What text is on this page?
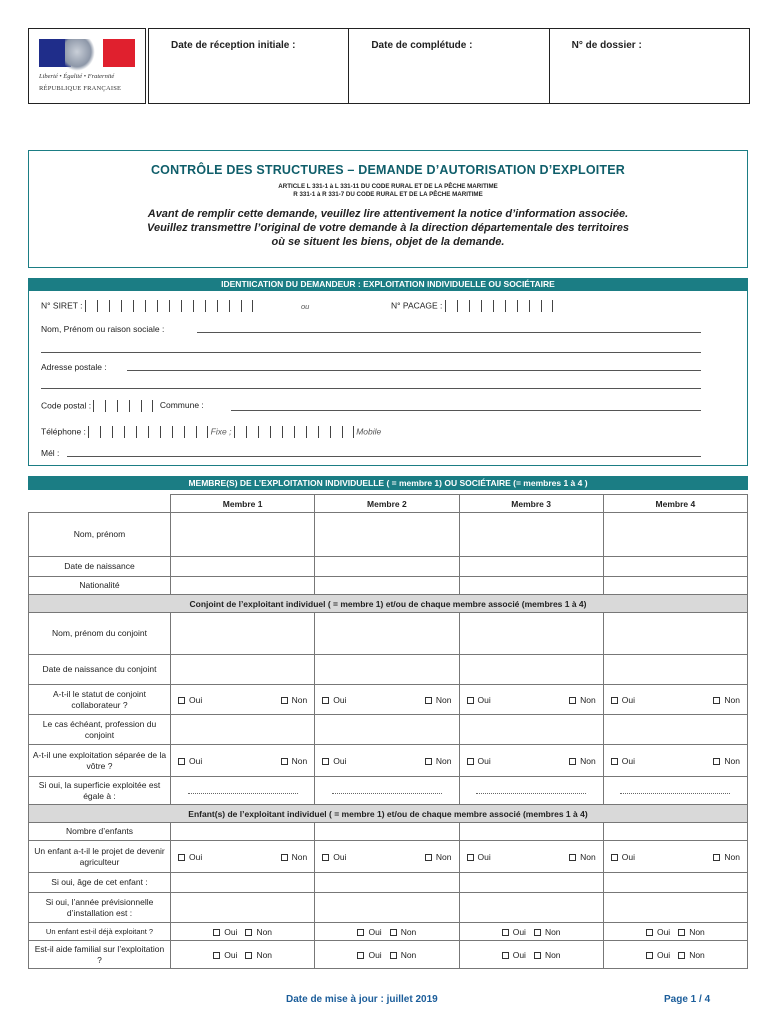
Liberté • Égalité • Fraternité
RÉPUBLIQUE FRANÇAISE
Date de réception initiale :	Date de complétude :	N° de dossier :
CONTRÔLE DES STRUCTURES – DEMANDE D’AUTORISATION D’EXPLOITER
ARTICLE L 331-1 à L 331-11 DU CODE RURAL ET DE LA PÊCHE MARITIME
R 331-1 à R 331-7 DU CODE RURAL ET DE LA PÊCHE MARITIME
Avant de remplir cette demande, veuillez lire attentivement la notice d’information associée.
Veuillez transmettre l’original de votre demande à la direction départementale des territoires
où se situent les biens, objet de la demande.
IDENTIICATION DU DEMANDEUR : EXPLOITATION INDIVIDUELLE OU SOCIÉTAIRE
N° SIRET :	ou	N° PACAGE :
Nom, Prénom ou raison sociale :
Adresse postale :
Code postal :	Commune :
Téléphone :	Fixe ;	Mobile
Mél :
MEMBRE(S) DE L’EXPLOITATION INDIVIDUELLE ( = membre 1) OU SOCIÉTAIRE (= membres 1 à 4 )
	Membre 1	Membre 2	Membre 3	Membre 4
Nom, prénom				
Date de naissance				
Nationalité				
Conjoint de l’exploitant individuel ( = membre 1) et/ou de chaque membre associé (membres 1 à 4)				
Nom, prénom du conjoint				
Date de naissance du conjoint				
A-t-il le statut de conjoint collaborateur ?	Oui Non	Oui Non	Oui Non	Oui Non

Le cas échéant, profession du conjoint				
A-t-il une exploitation séparée de la vôtre ?	Oui Non	Oui Non	Oui Non	Oui Non

Si oui, la superficie exploitée est égale à :				
Enfant(s) de l’exploitant individuel ( = membre 1) et/ou de chaque membre associé (membres 1 à 4)				
Nombre d’enfants				
Un enfant a-t-il le projet de devenir agriculteur	Oui Non	Oui Non	Oui Non	Oui Non

Si oui, âge de cet enfant :				
Si oui, l’année prévisionnelle d’installation est :				
Un enfant est-il déjà exploitant ?	Oui Non	Oui Non	Oui Non	Oui Non

Est-il aide familial sur l’exploitation ?	Oui Non	Oui Non	Oui Non	Oui Non
Date de mise à jour : juillet 2019	Page 1 / 4
